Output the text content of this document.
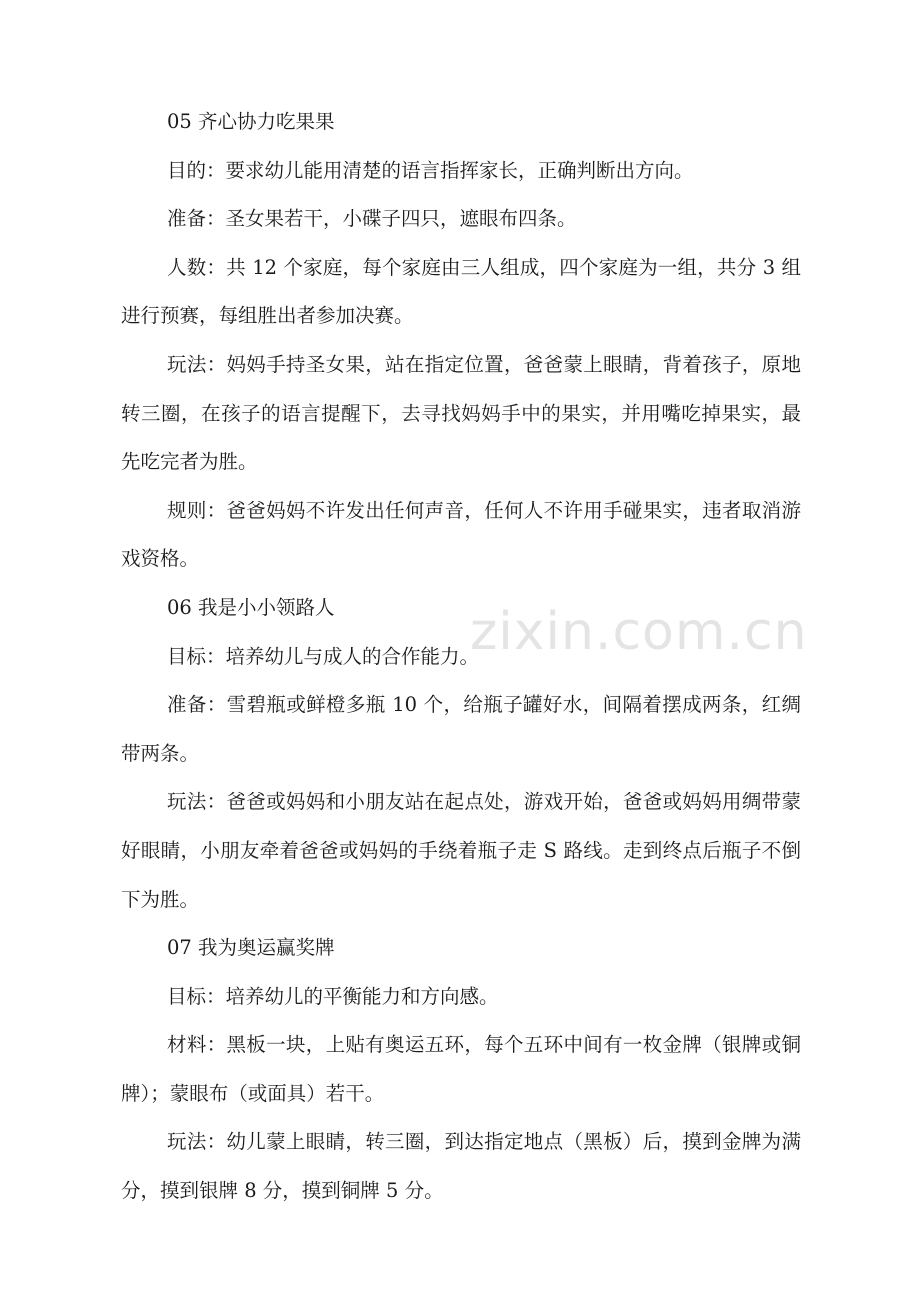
zixin.com.cn

05 齐心协力吃果果

目的：要求幼儿能用清楚的语言指挥家长，正确判断出方向。

准备：圣女果若干，小碟子四只，遮眼布四条。

人数：共 12 个家庭，每个家庭由三人组成，四个家庭为一组，共分 3 组进行预赛，每组胜出者参加决赛。

玩法：妈妈手持圣女果，站在指定位置，爸爸蒙上眼睛，背着孩子，原地转三圈，在孩子的语言提醒下，去寻找妈妈手中的果实，并用嘴吃掉果实，最先吃完者为胜。

规则：爸爸妈妈不许发出任何声音，任何人不许用手碰果实，违者取消游戏资格。

06 我是小小领路人

目标：培养幼儿与成人的合作能力。

准备：雪碧瓶或鲜橙多瓶 10 个，给瓶子罐好水，间隔着摆成两条，红绸带两条。

玩法：爸爸或妈妈和小朋友站在起点处，游戏开始，爸爸或妈妈用绸带蒙好眼睛，小朋友牵着爸爸或妈妈的手绕着瓶子走 S 路线。走到终点后瓶子不倒下为胜。

07 我为奥运赢奖牌

目标：培养幼儿的平衡能力和方向感。

材料：黑板一块，上贴有奥运五环，每个五环中间有一枚金牌（银牌或铜牌）；蒙眼布（或面具）若干。

玩法：幼儿蒙上眼睛，转三圈，到达指定地点（黑板）后，摸到金牌为满分，摸到银牌 8 分，摸到铜牌 5 分。
